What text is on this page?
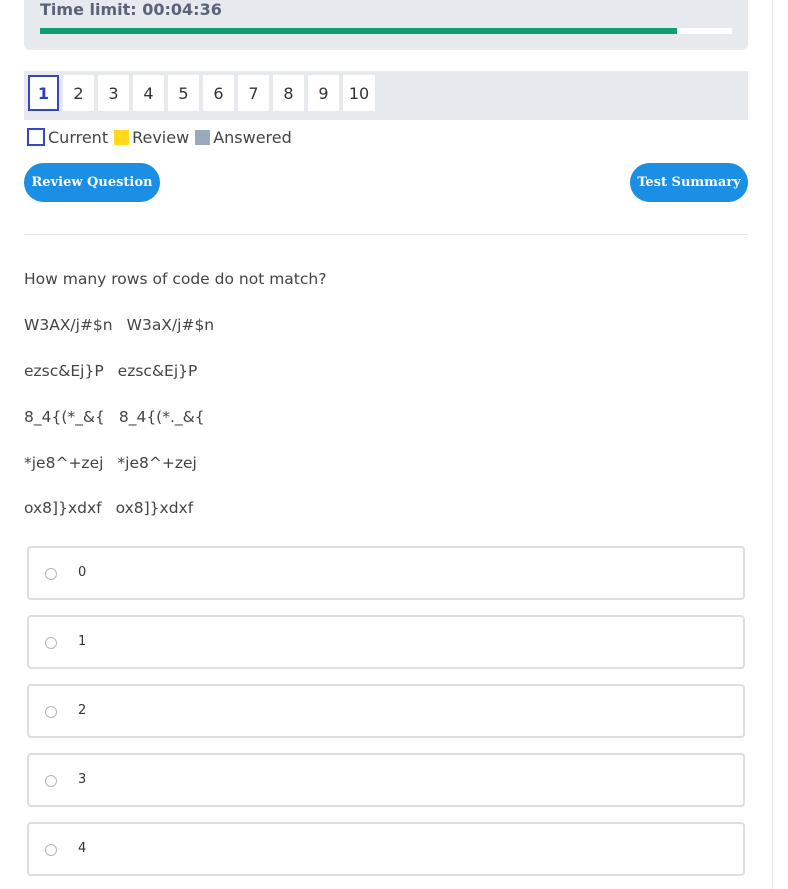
Time limit: 00:04:36
1	2	3	4	5	6	7	8	9	10
Current Review Answered
Review Question	Test Summary
How many rows of code do not match?
W3AX/j#$n W3aX/j#$n
ezsc&Ej}P ezsc&Ej}P
8_4{(*_&{ 8_4{(*._&{
*je8^+zej *je8^+zej
ox8]}xdxf ox8]}xdxf
0
1
2
3
4
